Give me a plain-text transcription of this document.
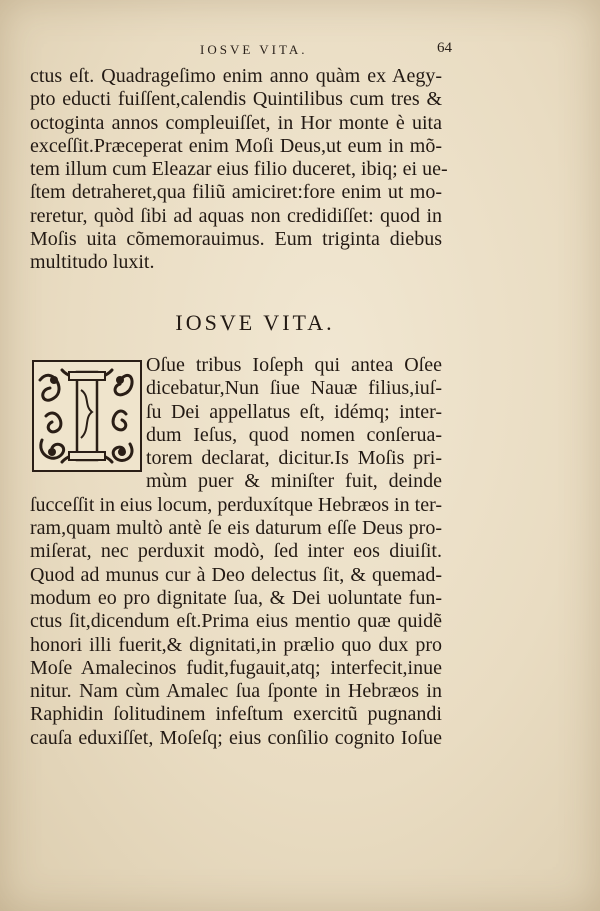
IOSVE VITA.	64
ctus eſt. Quadrageſimo enim anno quàm ex Aegy-
pto educti fuiſſent,calendis Quintilibus cum tres &
octoginta annos compleuiſſet, in Hor monte è uita
exceſſit.Præceperat enim Moſi Deus,ut eum in mõ-
tem illum cum Eleazar eius filio duceret, ibiq; ei ue-
ſtem detraheret,qua filiũ amiciret:fore enim ut mo-
reretur, quòd ſibi ad aquas non credidiſſet: quod in
Moſis uita cõmemorauimus. Eum triginta diebus
multitudo luxit.
IOSVE VITA.
Oſue tribus Ioſeph qui antea Oſee
dicebatur,Nun ſiue Nauæ filius,iuſ-
ſu Dei appellatus eſt, idémq; inter-
dum Ieſus, quod nomen conſerua-
torem declarat, dicitur.Is Moſis pri-
mùm puer & miniſter fuit, deinde
ſucceſſit in eius locum, perduxítque Hebræos in ter-
ram,quam multò antè ſe eis daturum eſſe Deus pro-
miſerat, nec perduxit modò, ſed inter eos diuiſit.
Quod ad munus cur à Deo delectus ſit, & quemad-
modum eo pro dignitate ſua, & Dei uoluntate fun-
ctus ſit,dicendum eſt.Prima eius mentio quæ quidẽ
honori illi fuerit,& dignitati,in prælio quo dux pro
Moſe Amalecinos fudit,fugauit,atq; interfecit,inue
nitur. Nam cùm Amalec ſua ſponte in Hebræos in
Raphidin ſolitudinem infeſtum exercitũ pugnandi
cauſa eduxiſſet, Moſeſq; eius conſilio cognito Ioſue
